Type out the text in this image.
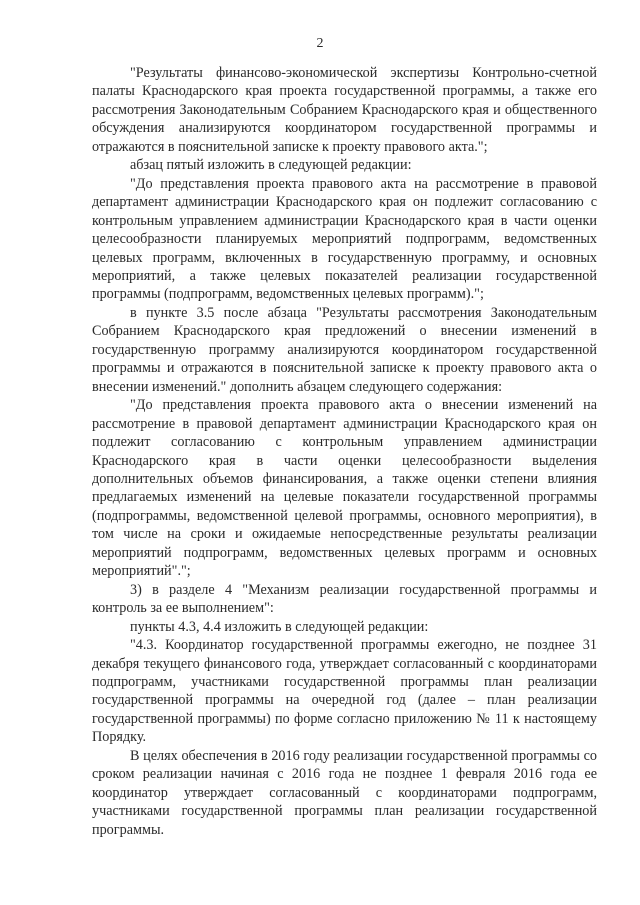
2

"Результаты финансово-экономической экспертизы Контрольно-счетной палаты Краснодарского края проекта государственной программы, а также его рассмотрения Законодательным Собранием Краснодарского края и общественного обсуждения анализируются координатором государственной программы и отражаются в пояснительной записке к проекту правового акта.";

абзац пятый изложить в следующей редакции:

"До представления проекта правового акта на рассмотрение в правовой департамент администрации Краснодарского края он подлежит согласованию с контрольным управлением администрации Краснодарского края в части оценки целесообразности планируемых мероприятий подпрограмм, ведомственных целевых программ, включенных в государственную программу, и основных мероприятий, а также целевых показателей реализации государственной программы (подпрограмм, ведомственных целевых программ).";

в пункте 3.5 после абзаца "Результаты рассмотрения Законодательным Собранием Краснодарского края предложений о внесении изменений в государственную программу анализируются координатором государственной программы и отражаются в пояснительной записке к проекту правового акта о внесении изменений." дополнить абзацем следующего содержания:

"До представления проекта правового акта о внесении изменений на рассмотрение в правовой департамент администрации Краснодарского края он подлежит согласованию с контрольным управлением администрации Краснодарского края в части оценки целесообразности выделения дополнительных объемов финансирования, а также оценки степени влияния предлагаемых изменений на целевые показатели государственной программы (подпрограммы, ведомственной целевой программы, основного мероприятия), в том числе на сроки и ожидаемые непосредственные результаты реализации мероприятий подпрограмм, ведомственных целевых программ и основных мероприятий".";

3) в разделе 4 "Механизм реализации государственной программы и контроль за ее выполнением":

пункты 4.3, 4.4 изложить в следующей редакции:

"4.3. Координатор государственной программы ежегодно, не позднее 31 декабря текущего финансового года, утверждает согласованный с координаторами подпрограмм, участниками государственной программы план реализации государственной программы на очередной год (далее – план реализации государственной программы) по форме согласно приложению № 11 к настоящему Порядку.

В целях обеспечения в 2016 году реализации государственной программы со сроком реализации начиная с 2016 года не позднее 1 февраля 2016 года ее координатор утверждает согласованный с координаторами подпрограмм, участниками государственной программы план реализации государственной программы.
